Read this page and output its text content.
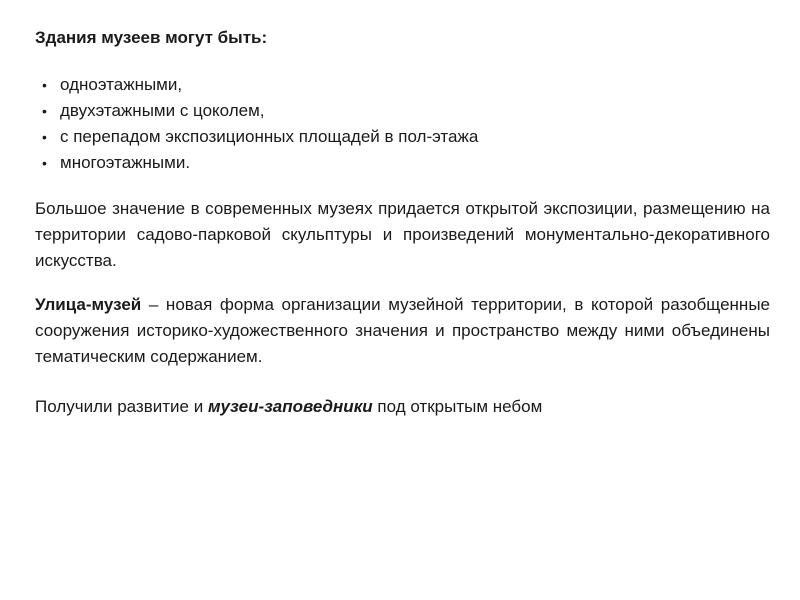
Здания музеев могут быть:
• одноэтажными,
• двухэтажными с цоколем,
• с перепадом экспозиционных площадей в пол-этажа
• многоэтажными.

Большое значение в современных музеях придается открытой экспозиции, размещению на территории садово-парковой скульптуры и произведений монументально-декоративного искусства.

Улица-музей – новая форма организации музейной территории, в которой разобщенные сооружения историко-художественного значения и пространство между ними объединены тематическим содержанием.

Получили развитие и музеи-заповедники под открытым небом
